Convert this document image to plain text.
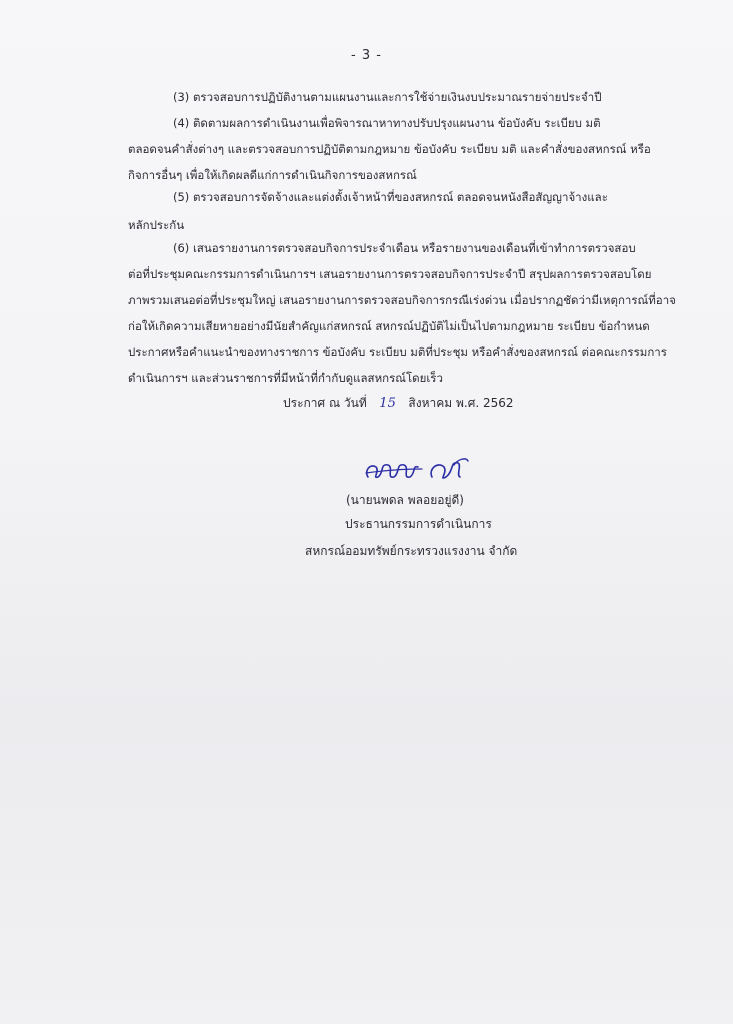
- 3 -
(3) ตรวจสอบการปฏิบัติงานตามแผนงานและการใช้จ่ายเงินงบประมาณรายจ่ายประจำปี
(4) ติดตามผลการดำเนินงานเพื่อพิจารณาหาทางปรับปรุงแผนงาน ข้อบังคับ ระเบียบ มติ
ตลอดจนคำสั่งต่างๆ และตรวจสอบการปฏิบัติตามกฎหมาย ข้อบังคับ ระเบียบ มติ และคำสั่งของสหกรณ์ หรือ
กิจการอื่นๆ เพื่อให้เกิดผลดีแก่การดำเนินกิจการของสหกรณ์
(5) ตรวจสอบการจัดจ้างและแต่งตั้งเจ้าหน้าที่ของสหกรณ์ ตลอดจนหนังสือสัญญาจ้างและ
หลักประกัน
(6) เสนอรายงานการตรวจสอบกิจการประจำเดือน หรือรายงานของเดือนที่เข้าทำการตรวจสอบ
ต่อที่ประชุมคณะกรรมการดำเนินการฯ เสนอรายงานการตรวจสอบกิจการประจำปี สรุปผลการตรวจสอบโดย
ภาพรวมเสนอต่อที่ประชุมใหญ่ เสนอรายงานการตรวจสอบกิจการกรณีเร่งด่วน เมื่อปรากฏชัดว่ามีเหตุการณ์ที่อาจ
ก่อให้เกิดความเสียหายอย่างมีนัยสำคัญแก่สหกรณ์ สหกรณ์ปฏิบัติไม่เป็นไปตามกฎหมาย ระเบียบ ข้อกำหนด
ประกาศหรือคำแนะนำของทางราชการ ข้อบังคับ ระเบียบ มติที่ประชุม หรือคำสั่งของสหกรณ์ ต่อคณะกรรมการ
ดำเนินการฯ และส่วนราชการที่มีหน้าที่กำกับดูแลสหกรณ์โดยเร็ว
ประกาศ ณ วันที่ 15 สิงหาคม พ.ศ. 2562
(นายนพดล พลอยอยู่ดี)
ประธานกรรมการดำเนินการ
สหกรณ์ออมทรัพย์กระทรวงแรงงาน จำกัด
